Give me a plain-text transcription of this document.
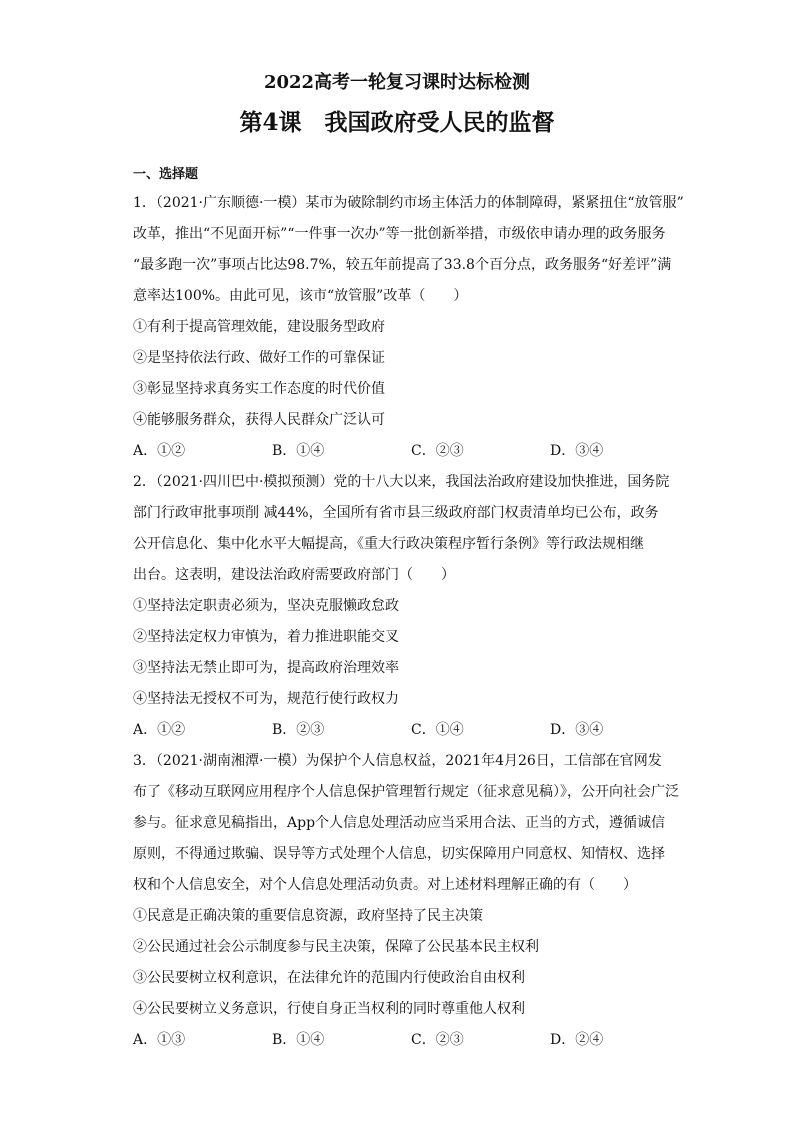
2022高考一轮复习课时达标检测
第4课　我国政府受人民的监督
一、选择题
1．（2021·广东顺德·一模）某市为破除制约市场主体活力的体制障碍，紧紧扭住“放管服”
改革，推出“不见面开标”“一件事一次办”等一批创新举措，市级依申请办理的政务服务
“最多跑一次”事项占比达98.7%，较五年前提高了33.8个百分点，政务服务“好差评”满
意率达100%。由此可见，该市“放管服”改革（　　）
①有利于提高管理效能，建设服务型政府
②是坚持依法行政、做好工作的可靠保证
③彰显坚持求真务实工作态度的时代价值
④能够服务群众，获得人民群众广泛认可
A．①②	B．①④	C．②③	D．③④
2．（2021·四川巴中·模拟预测）党的十八大以来，我国法治政府建设加快推进，国务院
部门行政审批事项削 减44%，全国所有省市县三级政府部门权责清单均已公布，政务
公开信息化、集中化水平大幅提高，《重大行政决策程序暂行条例》等行政法规相继
出台。这表明，建设法治政府需要政府部门（　　）
①坚持法定职责必须为，坚决克服懒政怠政
②坚持法定权力审慎为，着力推进职能交叉
③坚持法无禁止即可为，提高政府治理效率
④坚持法无授权不可为，规范行使行政权力
A．①②	B．②③	C．①④	D．③④
3．（2021·湖南湘潭·一模）为保护个人信息权益，2021年4月26日，工信部在官网发
布了《移动互联网应用程序个人信息保护管理暂行规定（征求意见稿）》，公开向社会广泛
参与。征求意见稿指出，App个人信息处理活动应当采用合法、正当的方式，遵循诚信
原则，不得通过欺骗、误导等方式处理个人信息，切实保障用户同意权、知情权、选择
权和个人信息安全，对个人信息处理活动负责。对上述材料理解正确的有（　　）
①民意是正确决策的重要信息资源，政府坚持了民主决策
②公民通过社会公示制度参与民主决策，保障了公民基本民主权利
③公民要树立权利意识，在法律允许的范围内行使政治自由权利
④公民要树立义务意识，行使自身正当权利的同时尊重他人权利
A．①③	B．①④	C．②③	D．②④
